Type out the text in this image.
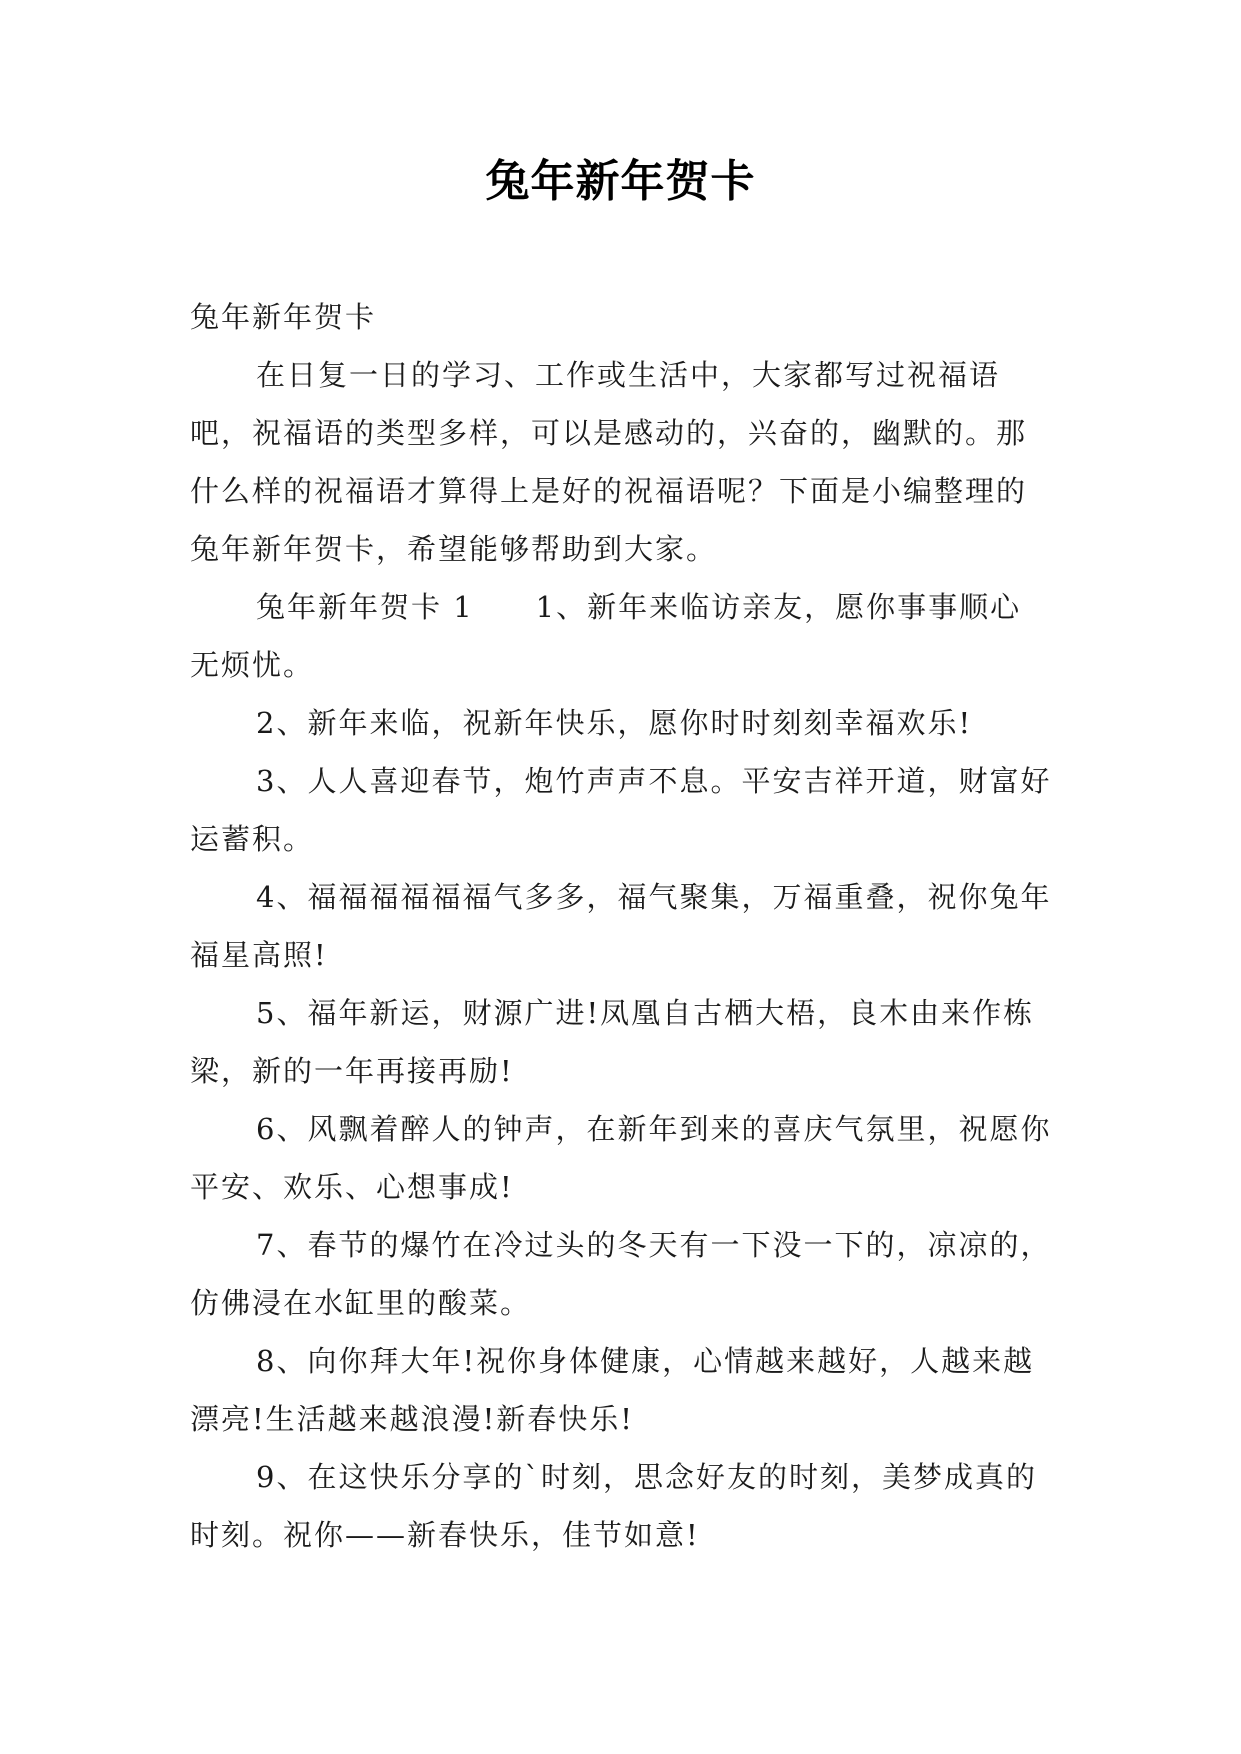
兔年新年贺卡

兔年新年贺卡

在日复一日的学习、工作或生活中，大家都写过祝福语吧，祝福语的类型多样，可以是感动的，兴奋的，幽默的。那什么样的祝福语才算得上是好的祝福语呢？下面是小编整理的兔年新年贺卡，希望能够帮助到大家。

兔年新年贺卡 1　　1、新年来临访亲友，愿你事事顺心无烦忧。

2、新年来临，祝新年快乐，愿你时时刻刻幸福欢乐!

3、人人喜迎春节，炮竹声声不息。平安吉祥开道，财富好运蓄积。

4、福福福福福福气多多，福气聚集，万福重叠，祝你兔年福星高照!

5、福年新运，财源广进!凤凰自古栖大梧，良木由来作栋梁，新的一年再接再励!

6、风飘着醉人的钟声，在新年到来的喜庆气氛里，祝愿你平安、欢乐、心想事成!

7、春节的爆竹在冷过头的冬天有一下没一下的，凉凉的，仿佛浸在水缸里的酸菜。

8、向你拜大年!祝你身体健康，心情越来越好，人越来越漂亮!生活越来越浪漫!新春快乐!

9、在这快乐分享的`时刻，思念好友的时刻，美梦成真的时刻。祝你——新春快乐，佳节如意!
